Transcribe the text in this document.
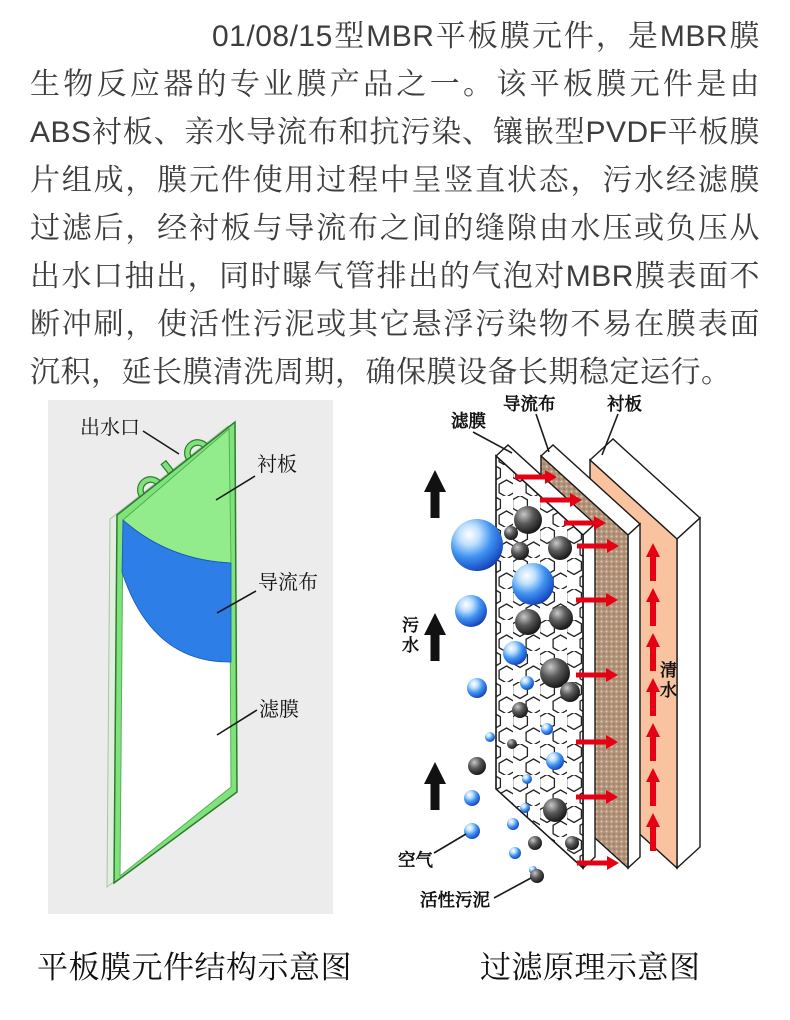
01/08/15型MBR平板膜元件，是MBR膜生物反应器的专业膜产品之一。该平板膜元件是由ABS衬板、亲水导流布和抗污染、镶嵌型PVDF平板膜片组成，膜元件使用过程中呈竖直状态，污水经滤膜过滤后，经衬板与导流布之间的缝隙由水压或负压从出水口抽出，同时曝气管排出的气泡对MBR膜表面不断冲刷，使活性污泥或其它悬浮污染物不易在膜表面沉积，延长膜清洗周期，确保膜设备长期稳定运行。

出水口
衬板
导流布
滤膜
滤膜
导流布	衬板
空气
活性污泥
污水
清水
平板膜元件结构示意图	过滤原理示意图
